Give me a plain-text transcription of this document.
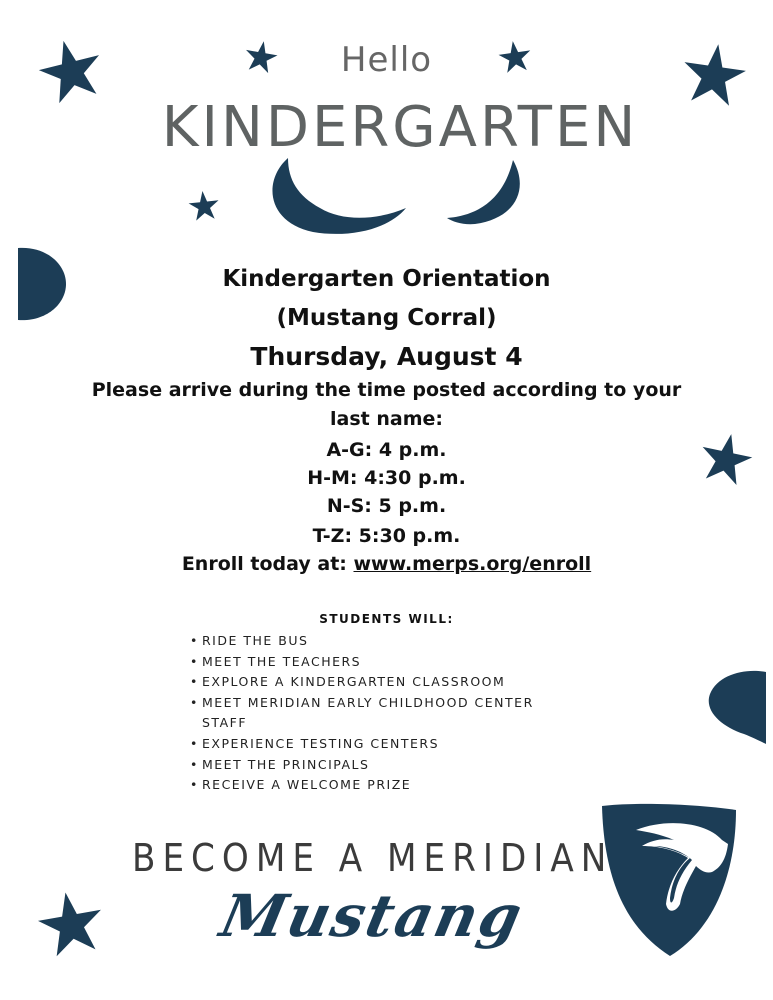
Hello
KINDERGARTEN
Kindergarten Orientation
(Mustang Corral)
Thursday, August 4
Please arrive during the time posted according to your
last name:
A-G: 4 p.m.
H-M: 4:30 p.m.
N-S: 5 p.m.
T-Z: 5:30 p.m.
Enroll today at: www.merps.org/enroll
STUDENTS WILL:
• RIDE THE BUS
• MEET THE TEACHERS
• EXPLORE A KINDERGARTEN CLASSROOM
• MEET MERIDIAN EARLY CHILDHOOD CENTER STAFF
• EXPERIENCE TESTING CENTERS
• MEET THE PRINCIPALS
• RECEIVE A WELCOME PRIZE
BECOME A MERIDIAN
Mustang
